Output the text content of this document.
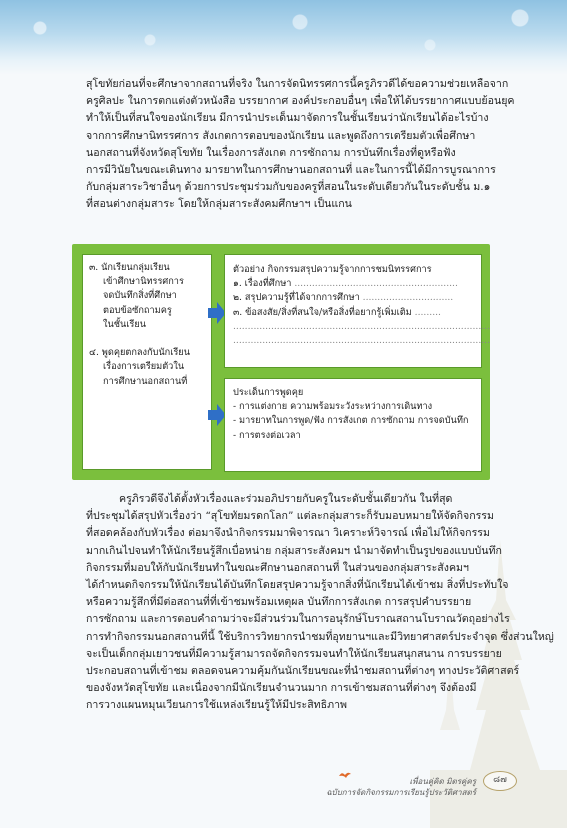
สุโขทัยก่อนที่จะศึกษาจากสถานที่จริง ในการจัดนิทรรศการนี้ครูภิรวดีได้ขอความช่วยเหลือจาก
ครูศิลปะ ในการตกแต่งตัวหนังสือ บรรยากาศ องค์ประกอบอื่นๆ เพื่อให้ได้บรรยากาศแบบย้อนยุค
ทำให้เป็นที่สนใจของนักเรียน มีการนำประเด็นมาจัดการในชั้นเรียนว่านักเรียนได้อะไรบ้าง
จากการศึกษานิทรรศการ สังเกตการตอบของนักเรียน และพูดถึงการเตรียมตัวเพื่อศึกษา
นอกสถานที่จังหวัดสุโขทัย ในเรื่องการสังเกต การซักถาม การบันทึกเรื่องที่ดูหรือฟัง
การมีวินัยในขณะเดินทาง มารยาทในการศึกษานอกสถานที่ และในการนี้ได้มีการบูรณาการ
กับกลุ่มสาระวิชาอื่นๆ ด้วยการประชุมร่วมกับของครูที่สอนในระดับเดียวกันในระดับชั้น ม.๑
ที่สอนต่างกลุ่มสาระ โดยให้กลุ่มสาระสังคมศึกษาฯ เป็นแกน
๓. นักเรียนกลุ่มเรียน
เข้าศึกษานิทรรศการ
จดบันทึกสิ่งที่ศึกษา
ตอบข้อซักถามครู
ในชั้นเรียน

๔. พูดคุยตกลงกับนักเรียน
เรื่องการเตรียมตัวใน
การศึกษานอกสถานที่
ตัวอย่าง กิจกรรมสรุปความรู้จากการชมนิทรรศการ
๑. เรื่องที่ศึกษา ........................................................
๒. สรุปความรู้ที่ได้จากการศึกษา ...............................
๓. ข้อสงสัย/สิ่งที่สนใจ/หรือสิ่งที่อยากรู้เพิ่มเติม .........
........................................................................................
........................................................................................
ประเด็นการพูดคุย
- การแต่งกาย ความพร้อมระวังระหว่างการเดินทาง
- มารยาทในการพูด/ฟัง การสังเกต การซักถาม การจดบันทึก
- การตรงต่อเวลา
ครูภิรวดีจึงได้ตั้งหัวเรื่องและร่วมอภิปรายกับครูในระดับชั้นเดียวกัน ในที่สุด
ที่ประชุมได้สรุปหัวเรื่องว่า “สุโขทัยมรดกโลก” แต่ละกลุ่มสาระก็รับมอบหมายให้จัดกิจกรรม
ที่สอดคล้องกับหัวเรื่อง ต่อมาจึงนำกิจกรรมมาพิจารณา วิเคราะห์วิจารณ์ เพื่อไม่ให้กิจกรรม
มากเกินไปจนทำให้นักเรียนรู้สึกเบื่อหน่าย กลุ่มสาระสังคมฯ นำมาจัดทำเป็นรูปของแบบบันทึก
กิจกรรมที่มอบให้กับนักเรียนทำในขณะศึกษานอกสถานที่ ในส่วนของกลุ่มสาระสังคมฯ
ได้กำหนดกิจกรรมให้นักเรียนได้บันทึกโดยสรุปความรู้จากสิ่งที่นักเรียนได้เข้าชม สิ่งที่ประทับใจ
หรือความรู้สึกที่มีต่อสถานที่ที่เข้าชมพร้อมเหตุผล บันทึกการสังเกต การสรุปคำบรรยาย
การซักถาม และการตอบคำถามว่าจะมีส่วนร่วมในการอนุรักษ์โบราณสถานโบราณวัตถุอย่างไร
การทำกิจกรรมนอกสถานที่นี้ ใช้บริการวิทยากรนำชมที่อุทยานฯและมีวิทยาศาสตร์ประจำจุด ซึ่งส่วนใหญ่
จะเป็นเด็กกลุ่มเยาวชนที่มีความรู้สามารถจัดกิจกรรมจนทำให้นักเรียนสนุกสนาน การบรรยาย
ประกอบสถานที่เข้าชม ตลอดจนความคุ้มกันนักเรียนขณะที่นำชมสถานที่ต่างๆ ทางประวัติศาสตร์
ของจังหวัดสุโขทัย และเนื่องจากมีนักเรียนจำนวนมาก การเข้าชมสถานที่ต่างๆ จึงต้องมี
การวางแผนหมุนเวียนการใช้แหล่งเรียนรู้ให้มีประสิทธิภาพ
เพื่อนคู่คิด มิตรคู่ครู
ฉบับการจัดกิจกรรมการเรียนรู้ประวัติศาสตร์
๘๗
